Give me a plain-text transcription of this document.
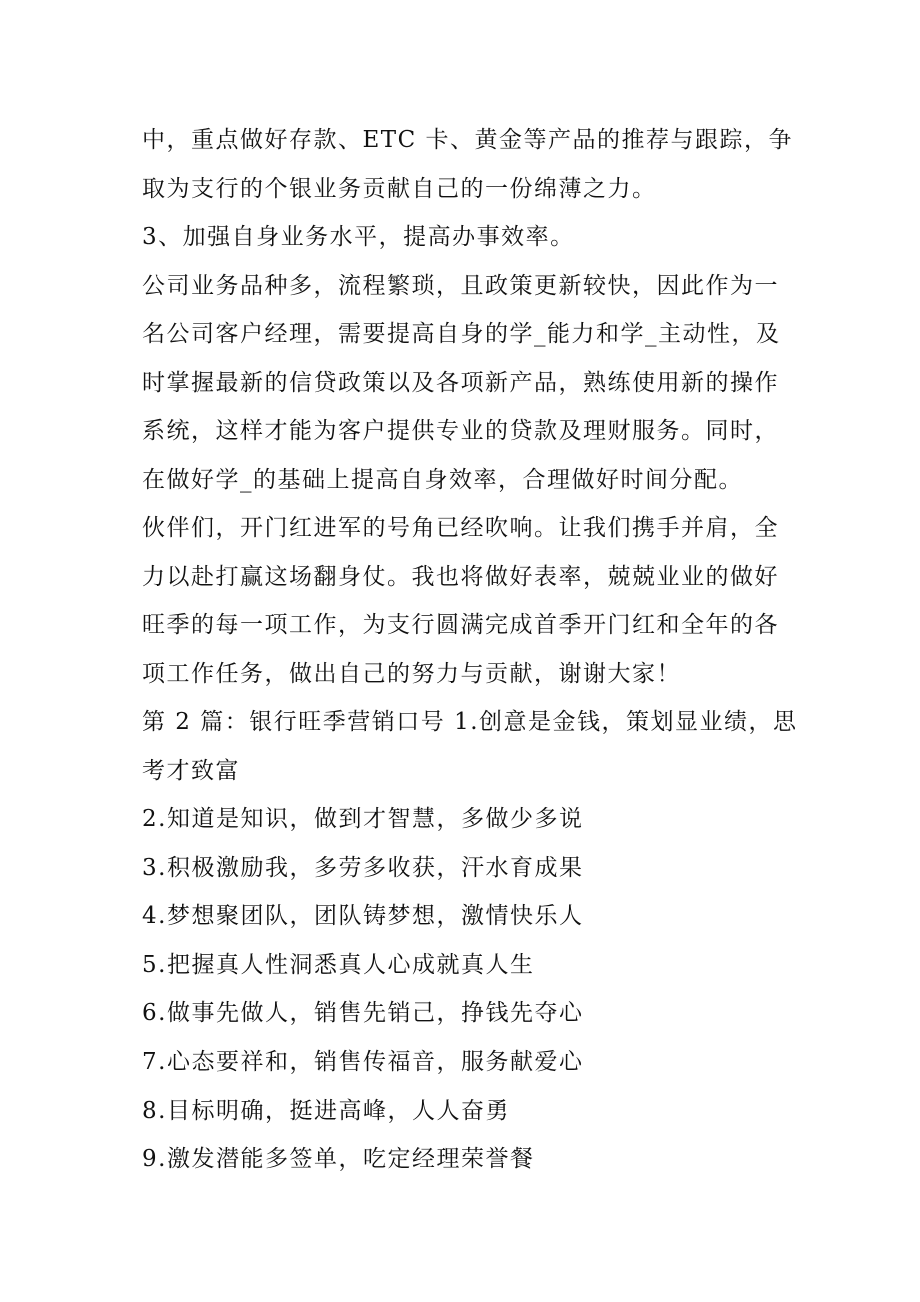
中，重点做好存款、ETC 卡、黄金等产品的推荐与跟踪，争

取为支行的个银业务贡献自己的一份绵薄之力。

3、加强自身业务水平，提高办事效率。

公司业务品种多，流程繁琐，且政策更新较快，因此作为一

名公司客户经理，需要提高自身的学_能力和学_主动性，及

时掌握最新的信贷政策以及各项新产品，熟练使用新的操作

系统，这样才能为客户提供专业的贷款及理财服务。同时，

在做好学_的基础上提高自身效率，合理做好时间分配。

伙伴们，开门红进军的号角已经吹响。让我们携手并肩，全

力以赴打赢这场翻身仗。我也将做好表率，兢兢业业的做好

旺季的每一项工作，为支行圆满完成首季开门红和全年的各

项工作任务，做出自己的努力与贡献，谢谢大家！

第 2 篇：银行旺季营销口号 1.创意是金钱，策划显业绩，思

考才致富

2.知道是知识，做到才智慧，多做少多说

3.积极激励我，多劳多收获，汗水育成果

4.梦想聚团队，团队铸梦想，激情快乐人

5.把握真人性洞悉真人心成就真人生

6.做事先做人，销售先销己，挣钱先夺心

7.心态要祥和，销售传福音，服务献爱心

8.目标明确，挺进高峰，人人奋勇

9.激发潜能多签单，吃定经理荣誉餐
